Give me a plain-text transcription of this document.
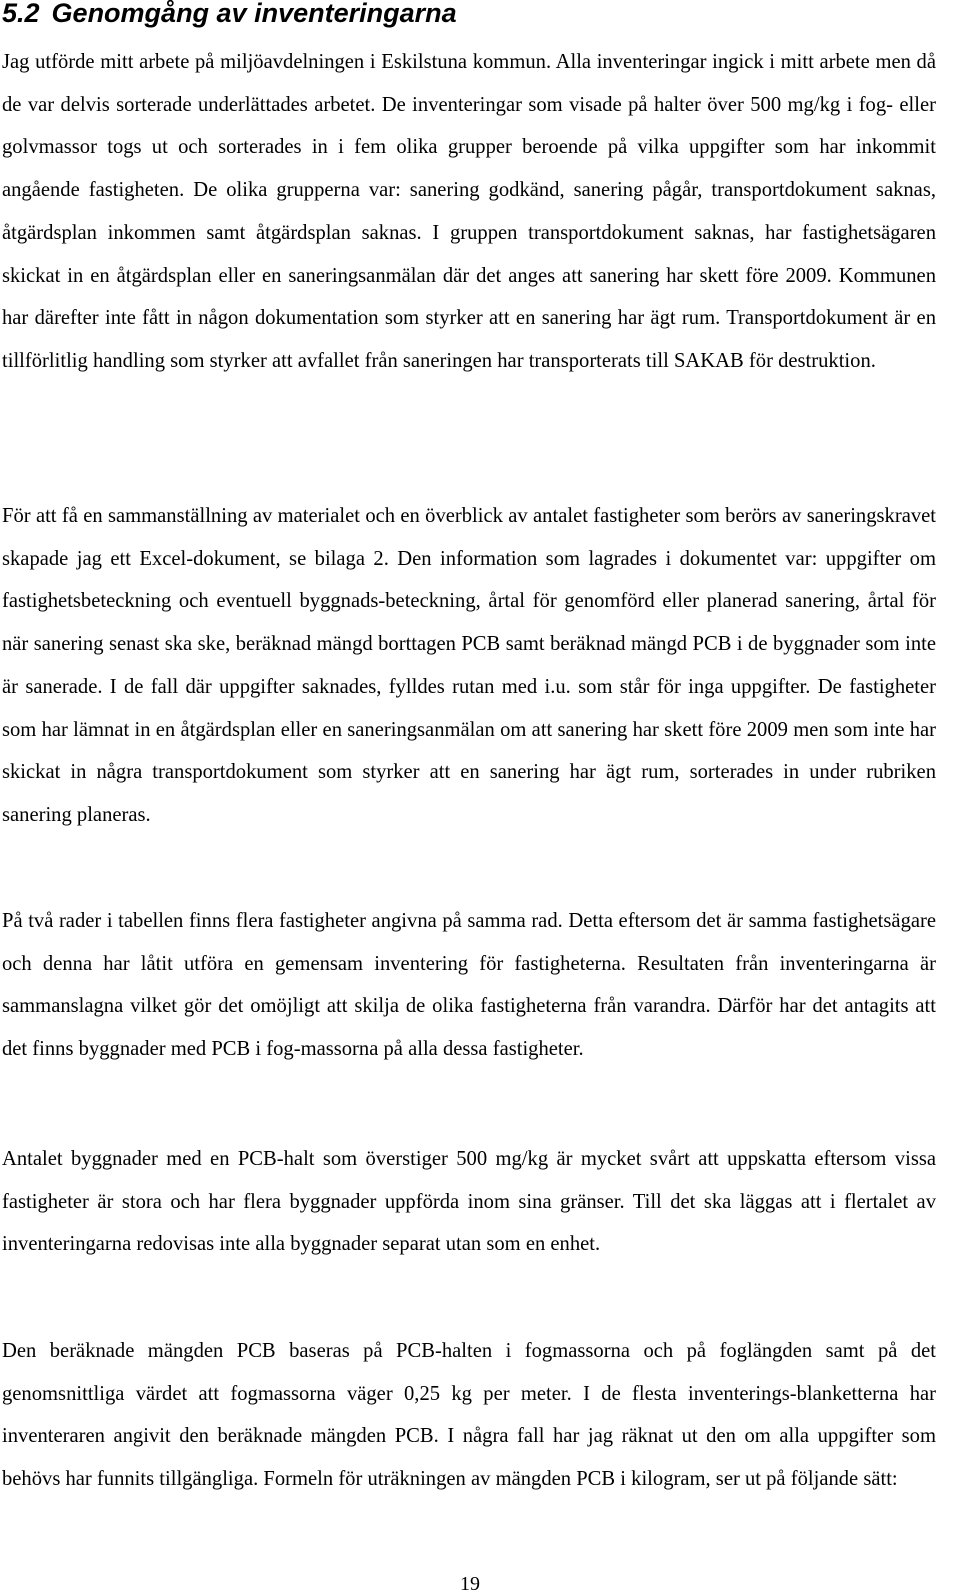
5.2 Genomgång av inventeringarna

Jag utförde mitt arbete på miljöavdelningen i Eskilstuna kommun. Alla inventeringar ingick i mitt arbete men då de var delvis sorterade underlättades arbetet. De inventeringar som visade på halter över 500 mg/kg i fog- eller golvmassor togs ut och sorterades in i fem olika grupper beroende på vilka uppgifter som har inkommit angående fastigheten. De olika grupperna var: sanering godkänd, sanering pågår, transportdokument saknas, åtgärdsplan inkommen samt åtgärdsplan saknas. I gruppen transportdokument saknas, har fastighetsägaren skickat in en åtgärdsplan eller en saneringsanmälan där det anges att sanering har skett före 2009. Kommunen har därefter inte fått in någon dokumentation som styrker att en sanering har ägt rum. Transportdokument är en tillförlitlig handling som styrker att avfallet från saneringen har transporterats till SAKAB för destruktion.

För att få en sammanställning av materialet och en överblick av antalet fastigheter som berörs av saneringskravet skapade jag ett Excel-dokument, se bilaga 2. Den information som lagrades i dokumentet var: uppgifter om fastighetsbeteckning och eventuell byggnads-beteckning, årtal för genomförd eller planerad sanering, årtal för när sanering senast ska ske, beräknad mängd borttagen PCB samt beräknad mängd PCB i de byggnader som inte är sanerade. I de fall där uppgifter saknades, fylldes rutan med i.u. som står för inga uppgifter. De fastigheter som har lämnat in en åtgärdsplan eller en saneringsanmälan om att sanering har skett före 2009 men som inte har skickat in några transportdokument som styrker att en sanering har ägt rum, sorterades in under rubriken sanering planeras.

På två rader i tabellen finns flera fastigheter angivna på samma rad. Detta eftersom det är samma fastighetsägare och denna har låtit utföra en gemensam inventering för fastigheterna. Resultaten från inventeringarna är sammanslagna vilket gör det omöjligt att skilja de olika fastigheterna från varandra. Därför har det antagits att det finns byggnader med PCB i fog-massorna på alla dessa fastigheter.

Antalet byggnader med en PCB-halt som överstiger 500 mg/kg är mycket svårt att uppskatta eftersom vissa fastigheter är stora och har flera byggnader uppförda inom sina gränser. Till det ska läggas att i flertalet av inventeringarna redovisas inte alla byggnader separat utan som en enhet.

Den beräknade mängden PCB baseras på PCB-halten i fogmassorna och på foglängden samt på det genomsnittliga värdet att fogmassorna väger 0,25 kg per meter. I de flesta inventerings-blanketterna har inventeraren angivit den beräknade mängden PCB. I några fall har jag räknat ut den om alla uppgifter som behövs har funnits tillgängliga. Formeln för uträkningen av mängden PCB i kilogram, ser ut på följande sätt:

19
